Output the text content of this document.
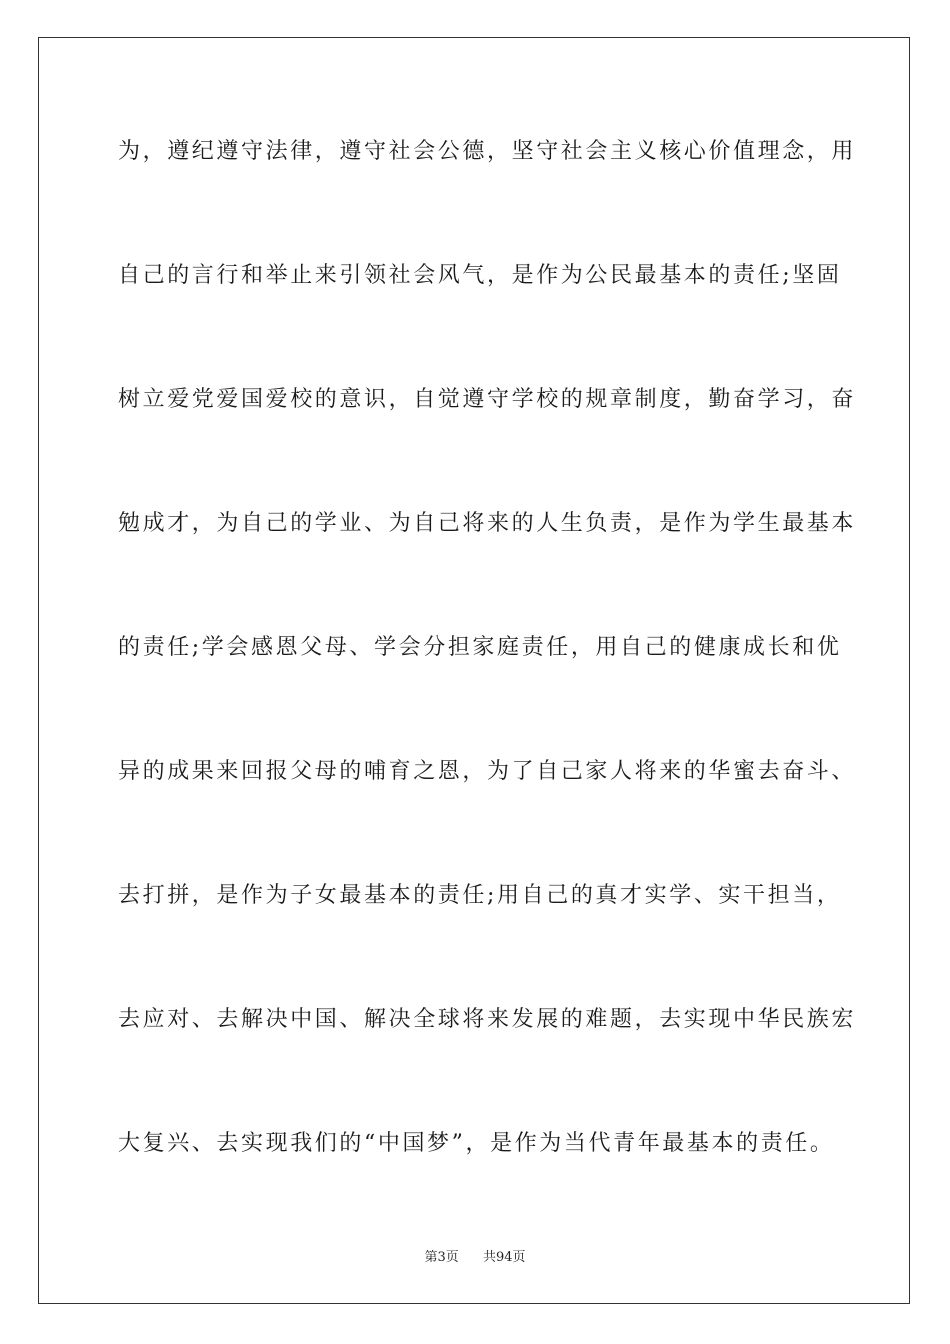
为，遵纪遵守法律，遵守社会公德，坚守社会主义核心价值理念，用
自己的言行和举止来引领社会风气，是作为公民最基本的责任;坚固
树立爱党爱国爱校的意识，自觉遵守学校的规章制度，勤奋学习，奋
勉成才，为自己的学业、为自己将来的人生负责，是作为学生最基本
的责任;学会感恩父母、学会分担家庭责任，用自己的健康成长和优
异的成果来回报父母的哺育之恩，为了自己家人将来的华蜜去奋斗、
去打拼，是作为子女最基本的责任;用自己的真才实学、实干担当，
去应对、去解决中国、解决全球将来发展的难题，去实现中华民族宏
大复兴、去实现我们的“中国梦”，是作为当代青年最基本的责任。
第3页 共94页
